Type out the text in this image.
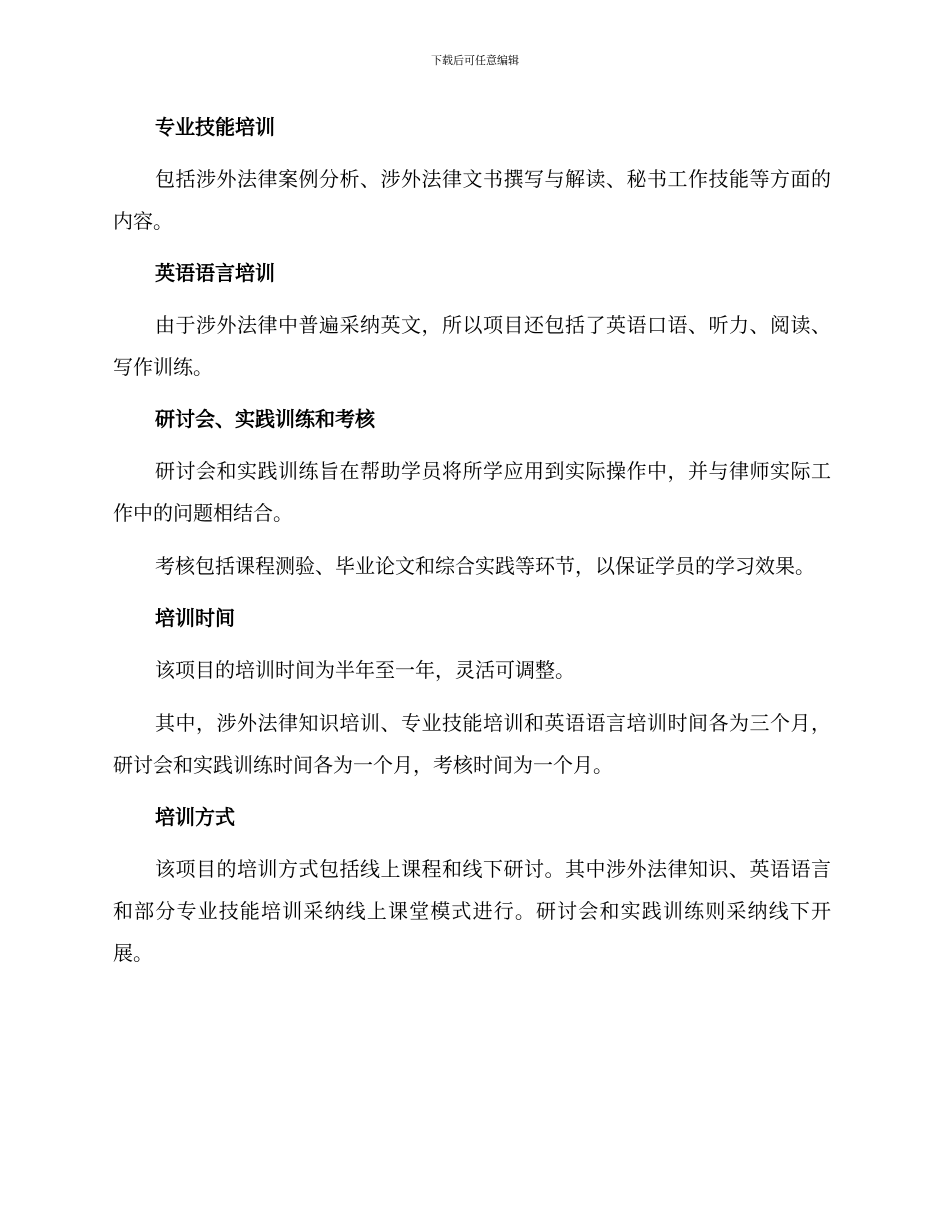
下载后可任意编辑
专业技能培训

包括涉外法律案例分析、涉外法律文书撰写与解读、秘书工作技能等方面的内容。

英语语言培训

由于涉外法律中普遍采纳英文，所以项目还包括了英语口语、听力、阅读、写作训练。

研讨会、实践训练和考核

研讨会和实践训练旨在帮助学员将所学应用到实际操作中，并与律师实际工作中的问题相结合。

考核包括课程测验、毕业论文和综合实践等环节，以保证学员的学习效果。

培训时间

该项目的培训时间为半年至一年，灵活可调整。

其中，涉外法律知识培训、专业技能培训和英语语言培训时间各为三个月，研讨会和实践训练时间各为一个月，考核时间为一个月。

培训方式

该项目的培训方式包括线上课程和线下研讨。其中涉外法律知识、英语语言和部分专业技能培训采纳线上课堂模式进行。研讨会和实践训练则采纳线下开展。
